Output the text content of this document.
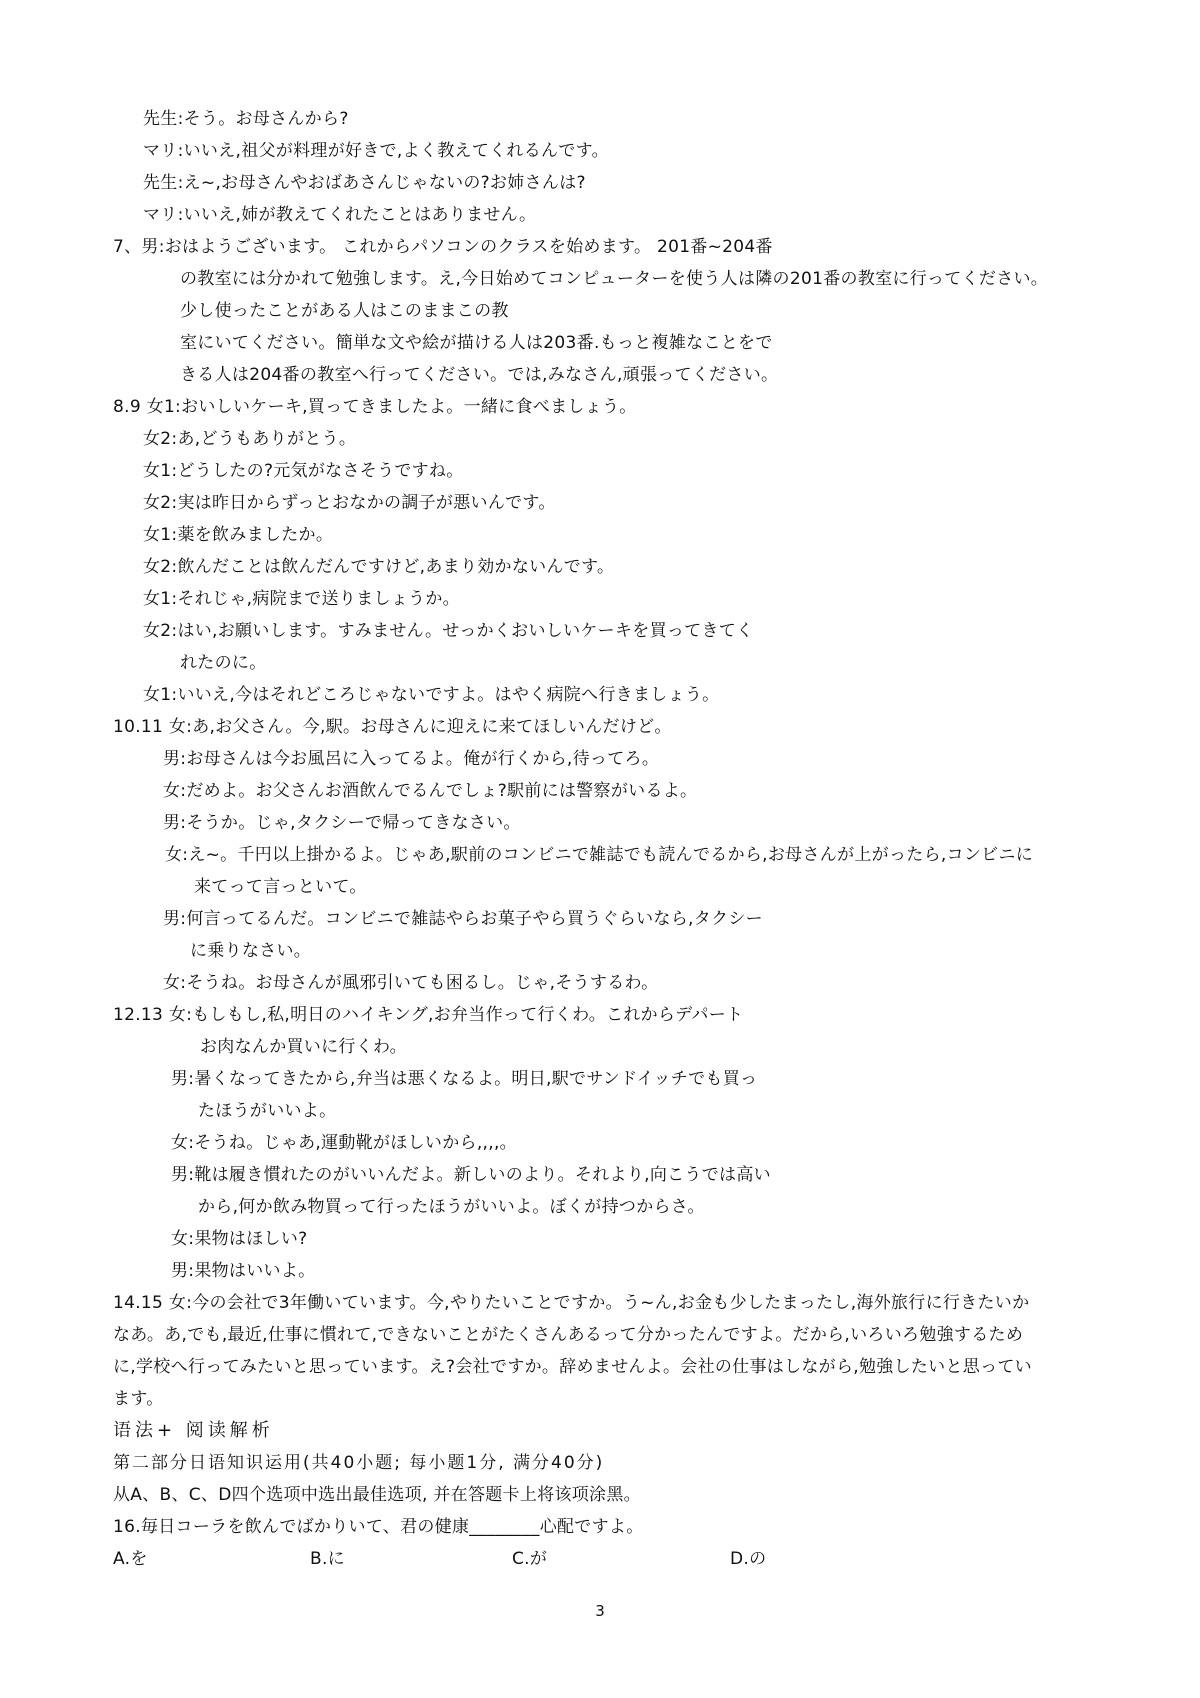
先生:そう。お母さんから?
マリ:いいえ,祖父が料理が好きで,よく教えてくれるんです。
先生:え~,お母さんやおばあさんじゃないの?お姉さんは?
マリ:いいえ,姉が教えてくれたことはありません。
7、男:おはようございます。 これからパソコンのクラスを始めます。 201番~204番
の教室には分かれて勉強します。え,今日始めてコンピューターを使う人は隣の201番の教室に行ってください。
少し使ったことがある人はこのままこの教
室にいてください。簡単な文や絵が描ける人は203番.もっと複雑なことをで
きる人は204番の教室へ行ってください。では,みなさん,頑張ってください。
8.9 女1:おいしいケーキ,買ってきましたよ。一緒に食べましょう。
女2:あ,どうもありがとう。
女1:どうしたの?元気がなさそうですね。
女2:実は昨日からずっとおなかの調子が悪いんです。
女1:薬を飲みましたか。
女2:飲んだことは飲んだんですけど,あまり効かないんです。
女1:それじゃ,病院まで送りましょうか。
女2:はい,お願いします。すみません。せっかくおいしいケーキを買ってきてく
れたのに。
女1:いいえ,今はそれどころじゃないですよ。はやく病院へ行きましょう。
10.11 女:あ,お父さん。今,駅。お母さんに迎えに来てほしいんだけど。
男:お母さんは今お風呂に入ってるよ。俺が行くから,待ってろ。
女:だめよ。お父さんお酒飲んでるんでしょ?駅前には警察がいるよ。
男:そうか。じゃ,タクシーで帰ってきなさい。
女:え~。千円以上掛かるよ。じゃあ,駅前のコンビニで雑誌でも読んでるから,お母さんが上がったら,コンビニに
来てって言っといて。
男:何言ってるんだ。コンビニで雑誌やらお菓子やら買うぐらいなら,タクシー
に乗りなさい。
女:そうね。お母さんが風邪引いても困るし。じゃ,そうするわ。
12.13 女:もしもし,私,明日のハイキング,お弁当作って行くわ。これからデパート
お肉なんか買いに行くわ。
男:暑くなってきたから,弁当は悪くなるよ。明日,駅でサンドイッチでも買っ
たほうがいいよ。
女:そうね。じゃあ,運動靴がほしいから,,,,。
男:靴は履き慣れたのがいいんだよ。新しいのより。それより,向こうでは高い
から,何か飲み物買って行ったほうがいいよ。ぼくが持つからさ。
女:果物はほしい?
男:果物はいいよ。
14.15 女:今の会社で3年働いています。今,やりたいことですか。う~ん,お金も少したまったし,海外旅行に行きたいか
なあ。あ,でも,最近,仕事に慣れて,できないことがたくさんあるって分かったんですよ。だから,いろいろ勉強するため
に,学校へ行ってみたいと思っています。え?会社ですか。辞めませんよ。会社の仕事はしながら,勉強したいと思ってい
ます。
语法+ 阅读解析
第二部分日语知识运用(共40小题; 每小题1分, 满分40分)
从A、B、C、D四个选项中选出最佳选项, 并在答题卡上将该项涂黑。
16.毎日コーラを飲んでばかりいて、君の健康________心配ですよ。
A.を	B.に	C.が	D.の
3
